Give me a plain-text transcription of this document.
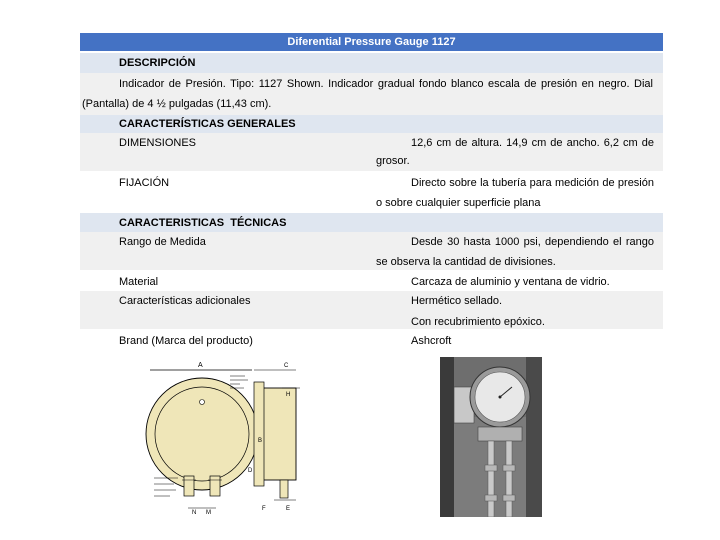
Diferential Pressure Gauge 1127
DESCRIPCIÓN
Indicador de Presión. Tipo: 1127 Shown. Indicador gradual fondo blanco escala de presión en negro. Dial
(Pantalla) de 4 ½ pulgadas (11,43 cm).
CARACTERÍSTICAS GENERALES
DIMENSIONES	12,6 cm de altura. 14,9 cm de ancho. 6,2 cm de
grosor.
FIJACIÓN	Directo sobre la tubería para medición de presión
o sobre cualquier superficie plana
CARACTERISTICAS  TÉCNICAS
Rango de Medida	Desde 30 hasta 1000 psi, dependiendo el rango
se observa la cantidad de divisiones.
Material	Carcaza de aluminio y ventana de vidrio.
Características adicionales	Hermético sellado.
Con recubrimiento epóxico.
Brand (Marca del producto)	Ashcroft
A
N M
C
H
B
D
E
F
